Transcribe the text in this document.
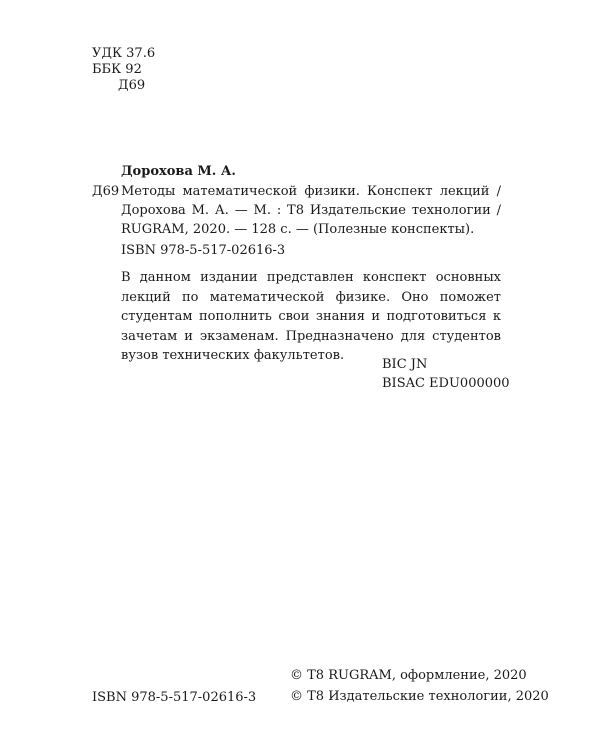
УДК 37.6
ББК 92
Д69
Дорохова М. А.
Д69 Методы математической физики. Конспект лекций / Дорохова М. А. — М. : Т8 Издательские технологии / RUGRAM, 2020. — 128 с. — (Полезные конспекты).

ISBN 978-5-517-02616-3

В данном издании представлен конспект основных лекций по математической физике. Оно поможет студентам пополнить свои знания и подготовиться к зачетам и экзаменам. Предназначено для студентов вузов технических факультетов.

BIC JN
BISAC EDU000000
ISBN 978-5-517-02616-3
© T8 RUGRAM, оформление, 2020
© Т8 Издательские технологии, 2020
